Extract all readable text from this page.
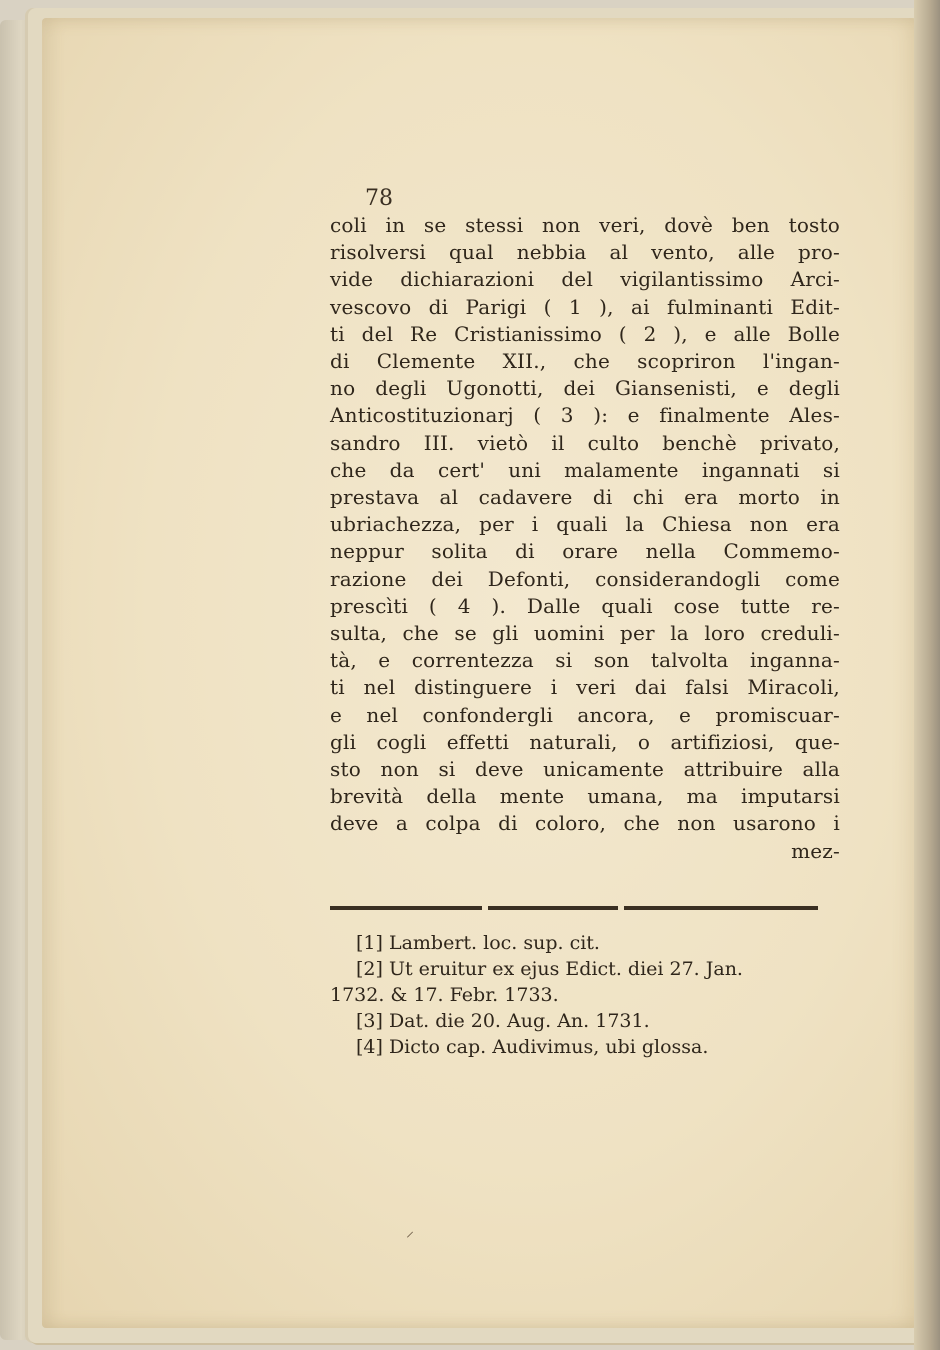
78
coli in se stessi non veri, dovè ben tosto
risolversi qual nebbia al vento, alle pro-
vide dichiarazioni del vigilantissimo Arci-
vescovo di Parigi ( 1 ), ai fulminanti Edit-
ti del Re Cristianissimo ( 2 ), e alle Bolle
di Clemente XII., che scopriron l'ingan-
no degli Ugonotti, dei Giansenisti, e degli
Anticostituzionarj ( 3 ): e finalmente Ales-
sandro III. vietò il culto benchè privato,
che da cert' uni malamente ingannati si
prestava al cadavere di chi era morto in
ubriachezza, per i quali la Chiesa non era
neppur solita di orare nella Commemo-
razione dei Defonti, considerandogli come
prescìti ( 4 ). Dalle quali cose tutte re-
sulta, che se gli uomini per la loro creduli-
tà, e correntezza si son talvolta inganna-
ti nel distinguere i veri dai falsi Miracoli,
e nel confondergli ancora, e promiscuar-
gli cogli effetti naturali, o artifiziosi, que-
sto non si deve unicamente attribuire alla
brevità della mente umana, ma imputarsi
deve a colpa di coloro, che non usarono i
mez-
[1] Lambert. loc. sup. cit.
[2] Ut eruitur ex ejus Edict. diei 27. Jan.
1732. & 17. Febr. 1733.
[3] Dat. die 20. Aug. An. 1731.
[4] Dicto cap. Audivimus, ubi glossa.
⸍
